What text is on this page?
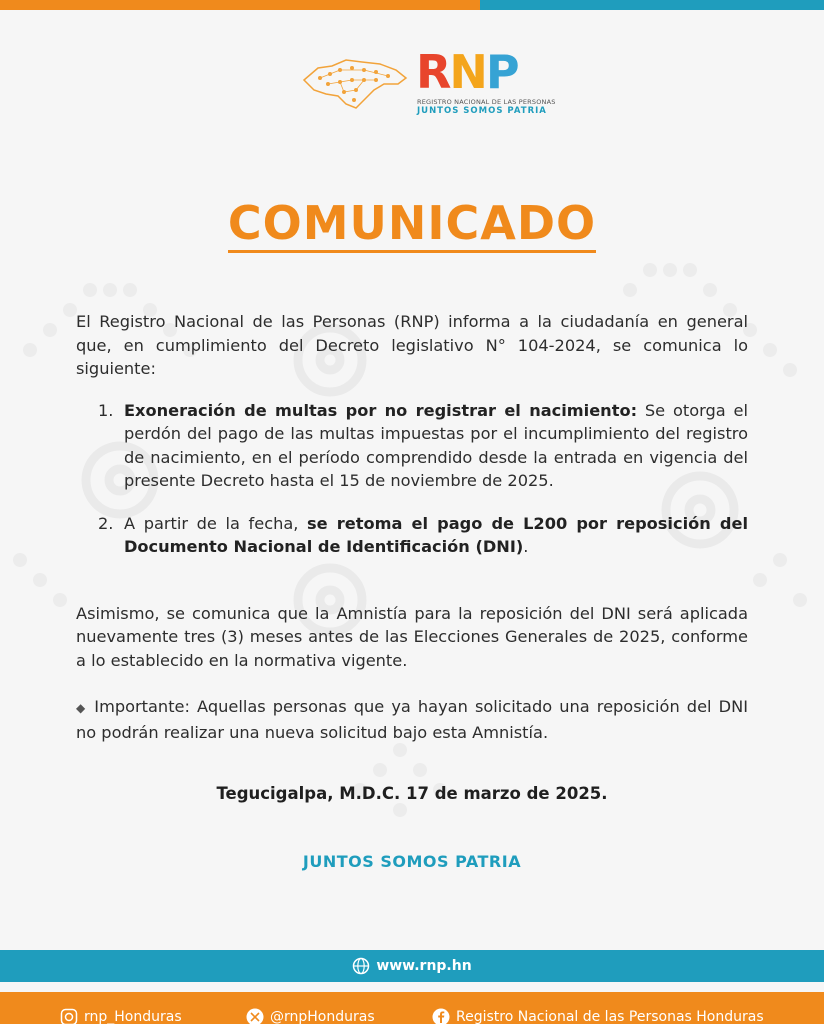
RNP
REGISTRO NACIONAL DE LAS PERSONAS
JUNTOS SOMOS PATRIA
COMUNICADO

El Registro Nacional de las Personas (RNP) informa a la ciudadanía en general que, en cumplimiento del Decreto legislativo N° 104-2024, se comunica lo siguiente:

1. Exoneración de multas por no registrar el nacimiento: Se otorga el perdón del pago de las multas impuestas por el incumplimiento del registro de nacimiento, en el período comprendido desde la entrada en vigencia del presente Decreto hasta el 15 de noviembre de 2025.
2. A partir de la fecha, se retoma el pago de L200 por reposición del Documento Nacional de Identificación (DNI).

Asimismo, se comunica que la Amnistía para la reposición del DNI será aplicada nuevamente tres (3) meses antes de las Elecciones Generales de 2025, conforme a lo establecido en la normativa vigente.

◆ Importante: Aquellas personas que ya hayan solicitado una reposición del DNI no podrán realizar una nueva solicitud bajo esta Amnistía.

Tegucigalpa, M.D.C. 17 de marzo de 2025.
JUNTOS SOMOS PATRIA
www.rnp.hn
rnp_Honduras	@rnpHonduras	Registro Nacional de las Personas Honduras
